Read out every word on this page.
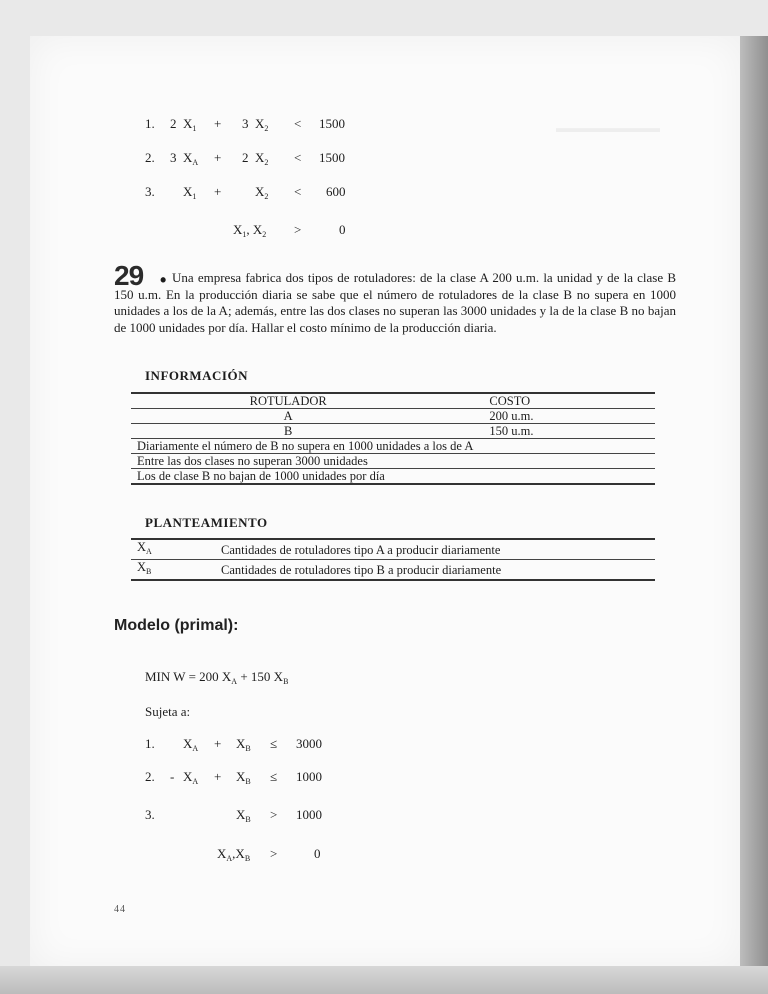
▬▬▬▬▬▬▬▬
1. 2 $X_1 + 3$ $X_2 < 1500$
2. 3 $X_A + 2$ $X_2 < 1500$
3. $X_1$ +	$X_2 < 600$
$X_1$, $X_2$ >	0
29 • Una empresa fabrica dos tipos de rotuladores: de la clase A 200 u.m. la unidad y de la clase B 150 u.m. En la producción diaria se sabe que el número de rotuladores de la clase B no supera en 1000 unidades a los de la A; además, entre las dos clases no superan las 3000 unidades y la de la clase B no bajan de 1000 unidades por día. Hallar el costo mínimo de la producción diaria.
INFORMACIÓN
ROTULADOR	COSTO
A	200 u.m.
B	150 u.m.
Diariamente el número de B no supera en 1000 unidades a los de A	
Entre las dos clases no superan 3000 unidades	
Los de clase B no bajan de 1000 unidades por día	
PLANTEAMIENTO
$X_A$	Cantidades de rotuladores tipo A a producir diariamente
$X_B$	Cantidades de rotuladores tipo B a producir diariamente
Modelo (primal):
MIN W = 200 $X_A + 150$ $X_B$
Sujeta a:
1. $X_A + X_B \le 3000$
2. - $X_A + X_B \le 1000$
3.	$X_B > 1000$
$X_A,X_B$ >	0
44
